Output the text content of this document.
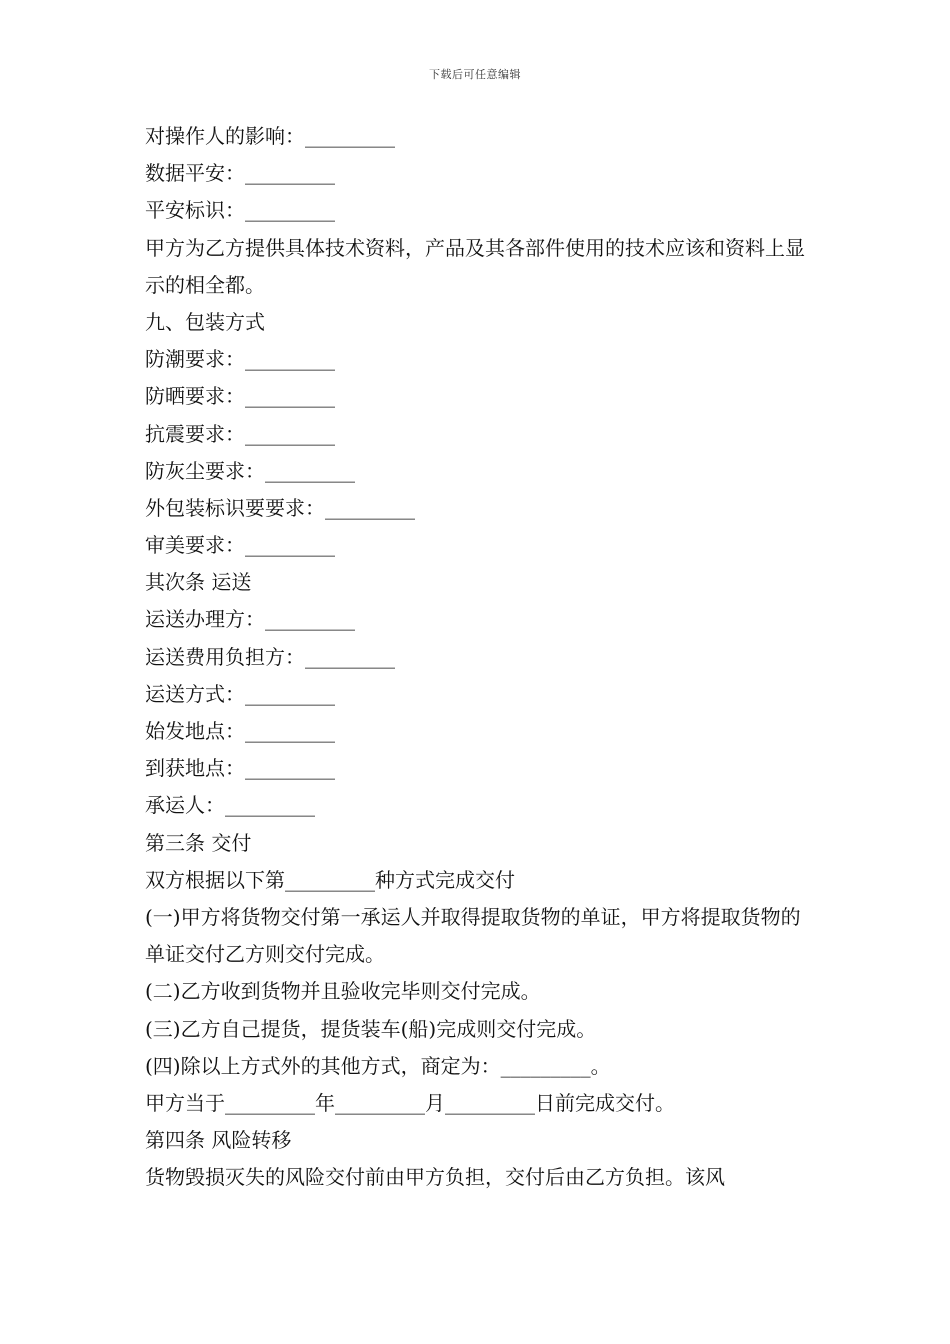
下载后可任意编辑
对操作人的影响：_________
数据平安：_________
平安标识：_________
甲方为乙方提供具体技术资料，产品及其各部件使用的技术应该和资料上显示的相全都。
九、包装方式
防潮要求：_________
防晒要求：_________
抗震要求：_________
防灰尘要求：_________
外包装标识要要求：_________
审美要求：_________
其次条 运送
运送办理方：_________
运送费用负担方：_________
运送方式：_________
始发地点：_________
到获地点：_________
承运人：_________
第三条 交付
双方根据以下第_________种方式完成交付
(一)甲方将货物交付第一承运人并取得提取货物的单证，甲方将提取货物的单证交付乙方则交付完成。
(二)乙方收到货物并且验收完毕则交付完成。
(三)乙方自己提货，提货装车(船)完成则交付完成。
(四)除以上方式外的其他方式，商定为：_________。
甲方当于_________年_________月_________日前完成交付。
第四条 风险转移
货物毁损灭失的风险交付前由甲方负担，交付后由乙方负担。该风
